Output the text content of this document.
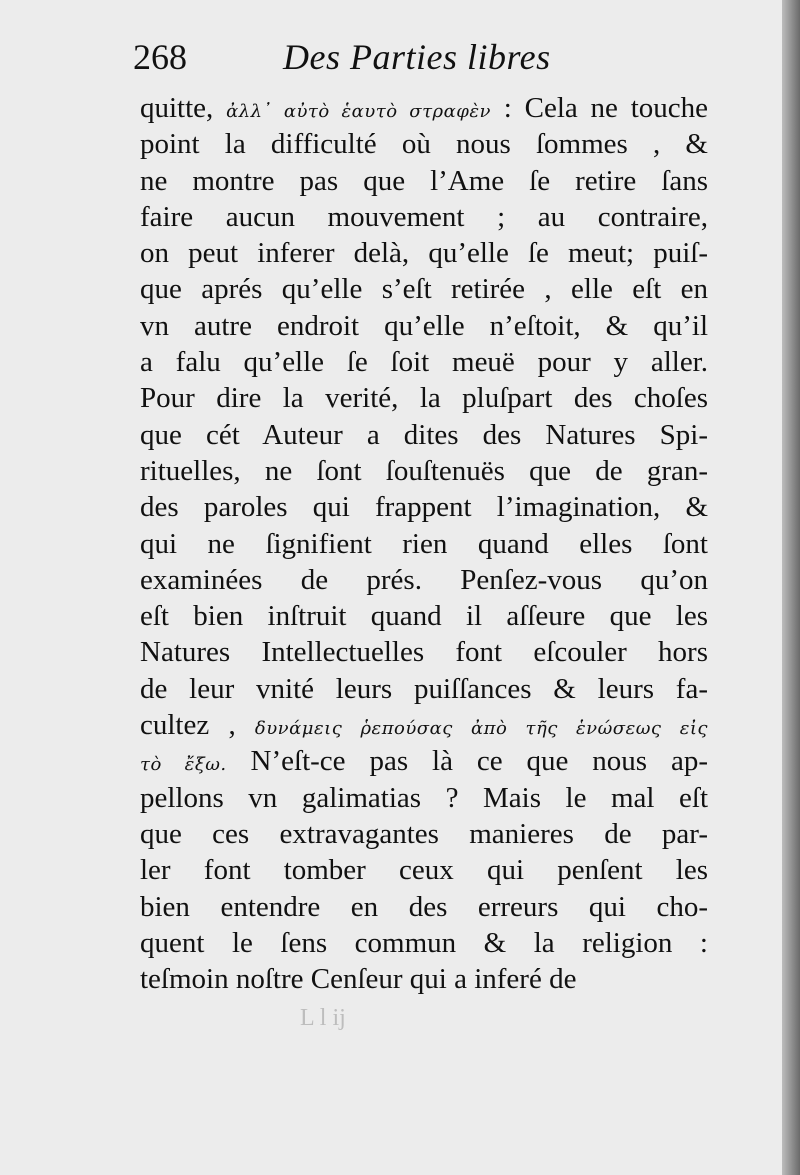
268	Des Parties libres
quitte, ἀλλ᾽ αὐτὸ ἑαυτὸ στραφὲν : Cela ne touche
point la difficulté où nous ſommes , &
ne montre pas que l’Ame ſe retire ſans
faire aucun mouvement ; au contraire,
on peut inferer delà, qu’elle ſe meut; puiſ-
que aprés qu’elle s’eſt retirée , elle eſt en
vn autre endroit qu’elle n’eſtoit, & qu’il
a falu qu’elle ſe ſoit meuë pour y aller.
Pour dire la verité, la pluſpart des choſes
que cét Auteur a dites des Natures Spi-
rituelles, ne ſont ſouſtenuës que de gran-
des paroles qui frappent l’imagination, &
qui ne ſignifient rien quand elles ſont
examinées de prés. Penſez-vous qu’on
eſt bien inſtruit quand il aſſeure que les
Natures Intellectuelles font eſcouler hors
de leur vnité leurs puiſſances & leurs fa-
cultez , δυνάμεις ῥεπούσας ἀπὸ τῆς ἑνώσεως εἰς
τὸ ἔξω. N’eſt-ce pas là ce que nous ap-
pellons vn galimatias ? Mais le mal eſt
que ces extravagantes manieres de par-
ler font tomber ceux qui penſent les
bien entendre en des erreurs qui cho-
quent le ſens commun & la religion :
teſmoin noſtre Cenſeur qui a inferé de
L l ij
